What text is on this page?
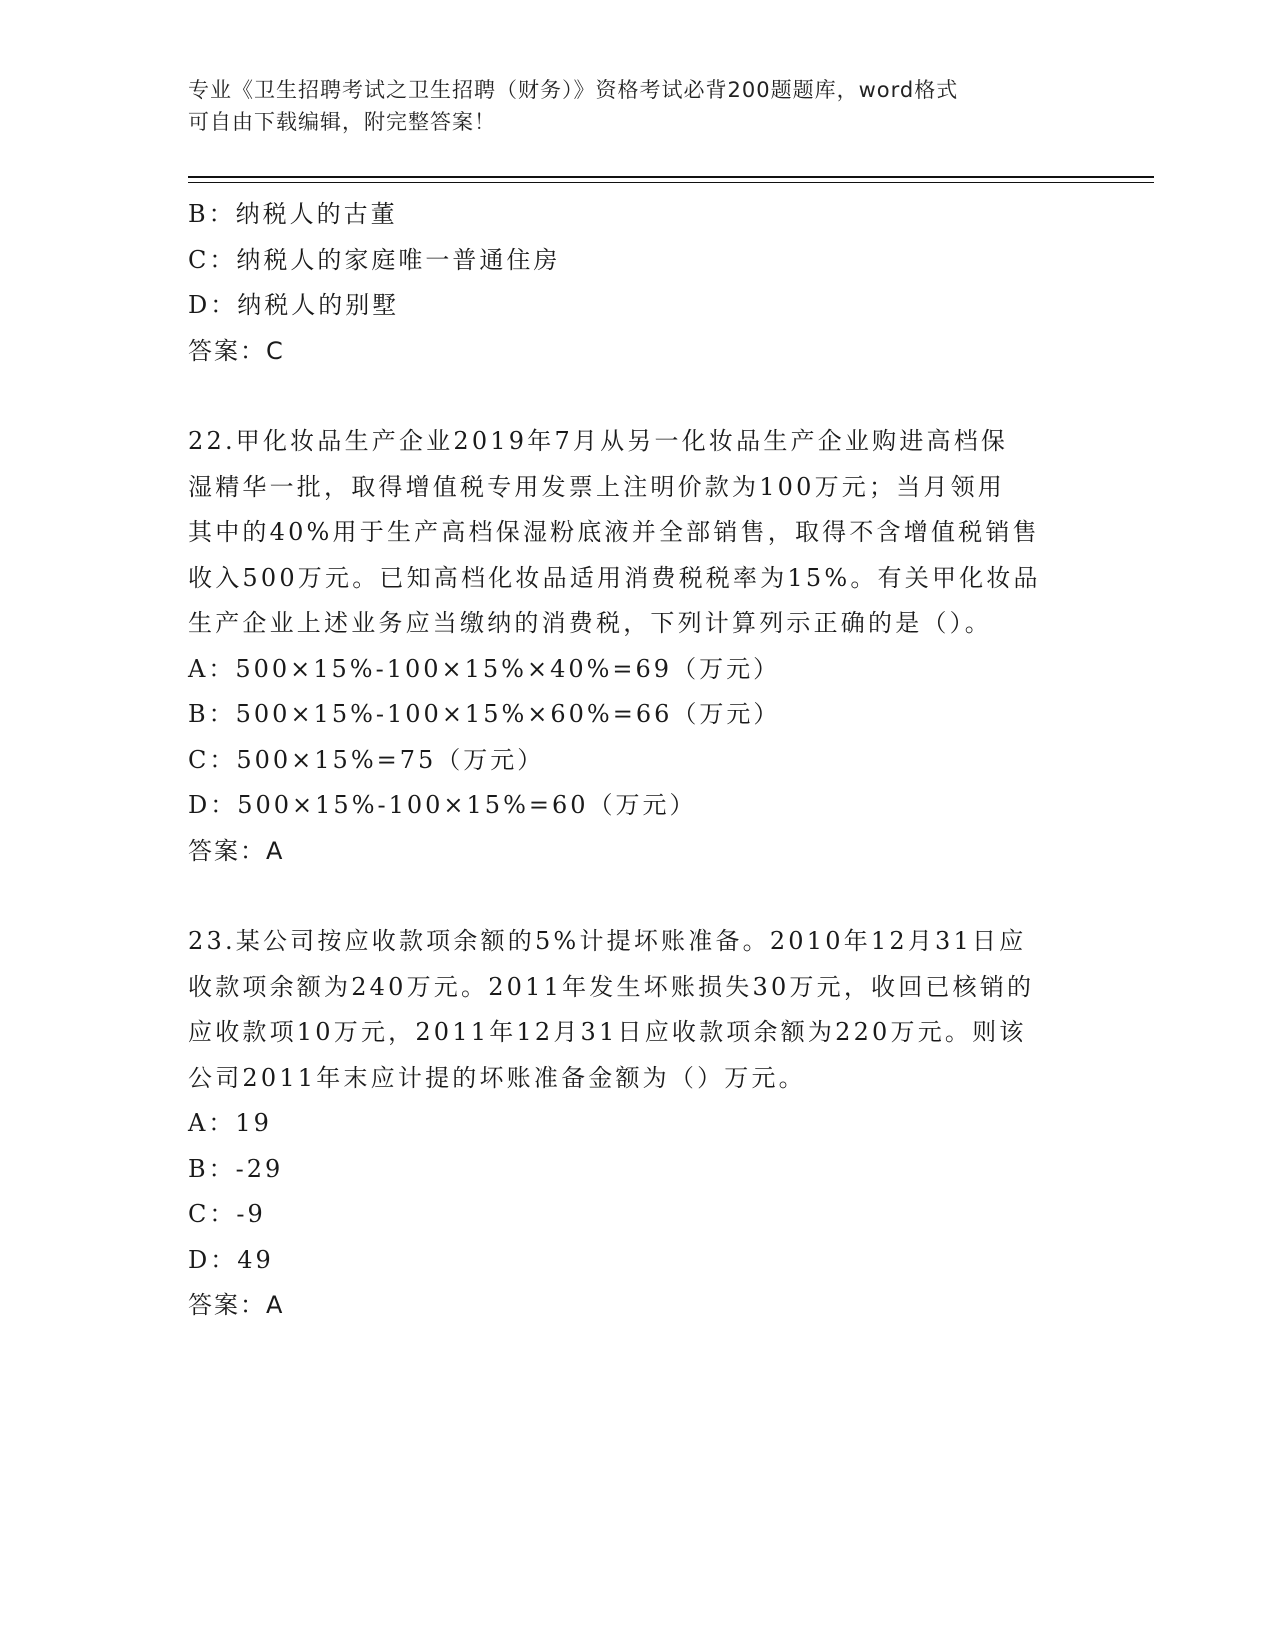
专业《卫生招聘考试之卫生招聘（财务）》资格考试必背200题题库，word格式
可自由下载编辑，附完整答案！
B：纳税人的古董
C：纳税人的家庭唯一普通住房
D：纳税人的别墅
答案：C
22.甲化妆品生产企业2019年7月从另一化妆品生产企业购进高档保
湿精华一批，取得增值税专用发票上注明价款为100万元；当月领用
其中的40%用于生产高档保湿粉底液并全部销售，取得不含增值税销售
收入500万元。已知高档化妆品适用消费税税率为15%。有关甲化妆品
生产企业上述业务应当缴纳的消费税，下列计算列示正确的是（）。
A：500×15%-100×15%×40%=69（万元）
B：500×15%-100×15%×60%=66（万元）
C：500×15%=75（万元）
D：500×15%-100×15%=60（万元）
答案：A
23.某公司按应收款项余额的5%计提坏账准备。2010年12月31日应
收款项余额为240万元。2011年发生坏账损失30万元，收回已核销的
应收款项10万元，2011年12月31日应收款项余额为220万元。则该
公司2011年末应计提的坏账准备金额为（）万元。
A：19
B：-29
C：-9
D：49
答案：A
